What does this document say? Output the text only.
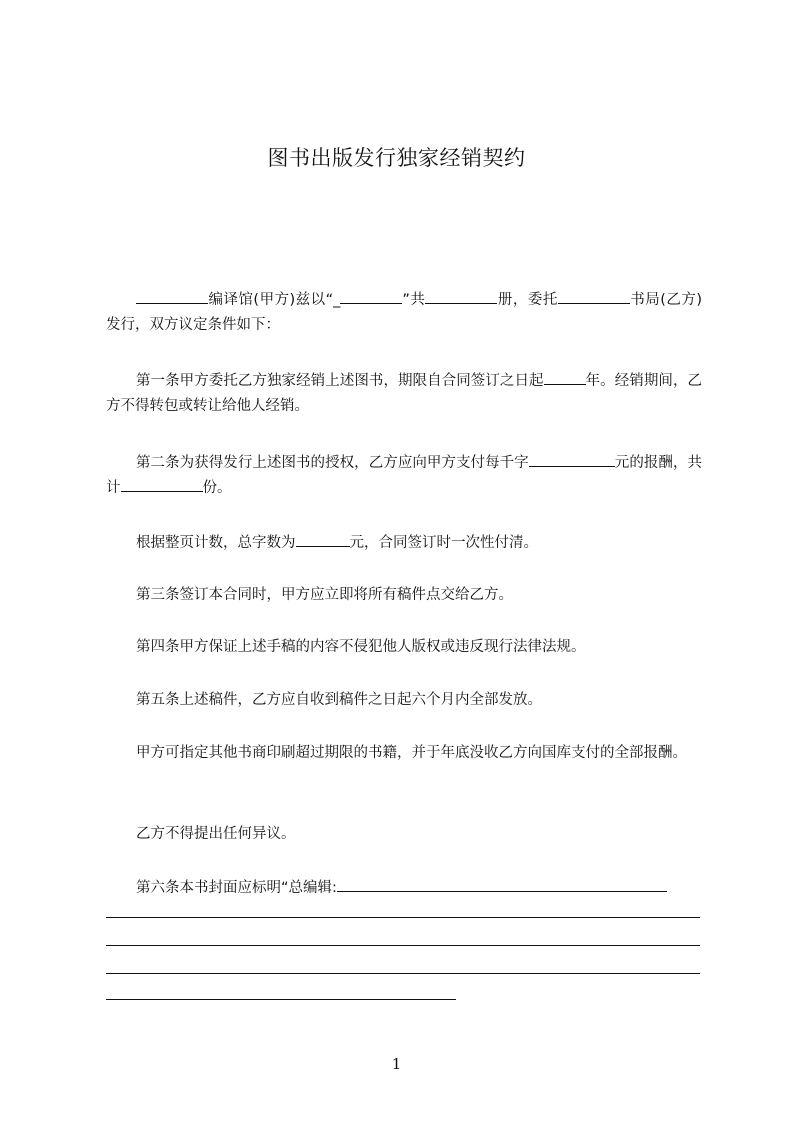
图书出版发行独家经销契约
编译馆(甲方)兹以“_	”共	册，委托	书局(乙方)发行，双方议定条件如下：
第一条甲方委托乙方独家经销上述图书，期限自合同签订之日起	年。经销期间，乙方不得转包或转让给他人经销。
第二条为获得发行上述图书的授权，乙方应向甲方支付每千字	元的报酬，共计	份。
根据整页计数，总字数为	元，合同签订时一次性付清。
第三条签订本合同时，甲方应立即将所有稿件点交给乙方。
第四条甲方保证上述手稿的内容不侵犯他人版权或违反现行法律法规。
第五条上述稿件，乙方应自收到稿件之日起六个月内全部发放。
甲方可指定其他书商印刷超过期限的书籍，并于年底没收乙方向国库支付的全部报酬。
乙方不得提出任何异议。
第六条本书封面应标明“总编辑:
1
